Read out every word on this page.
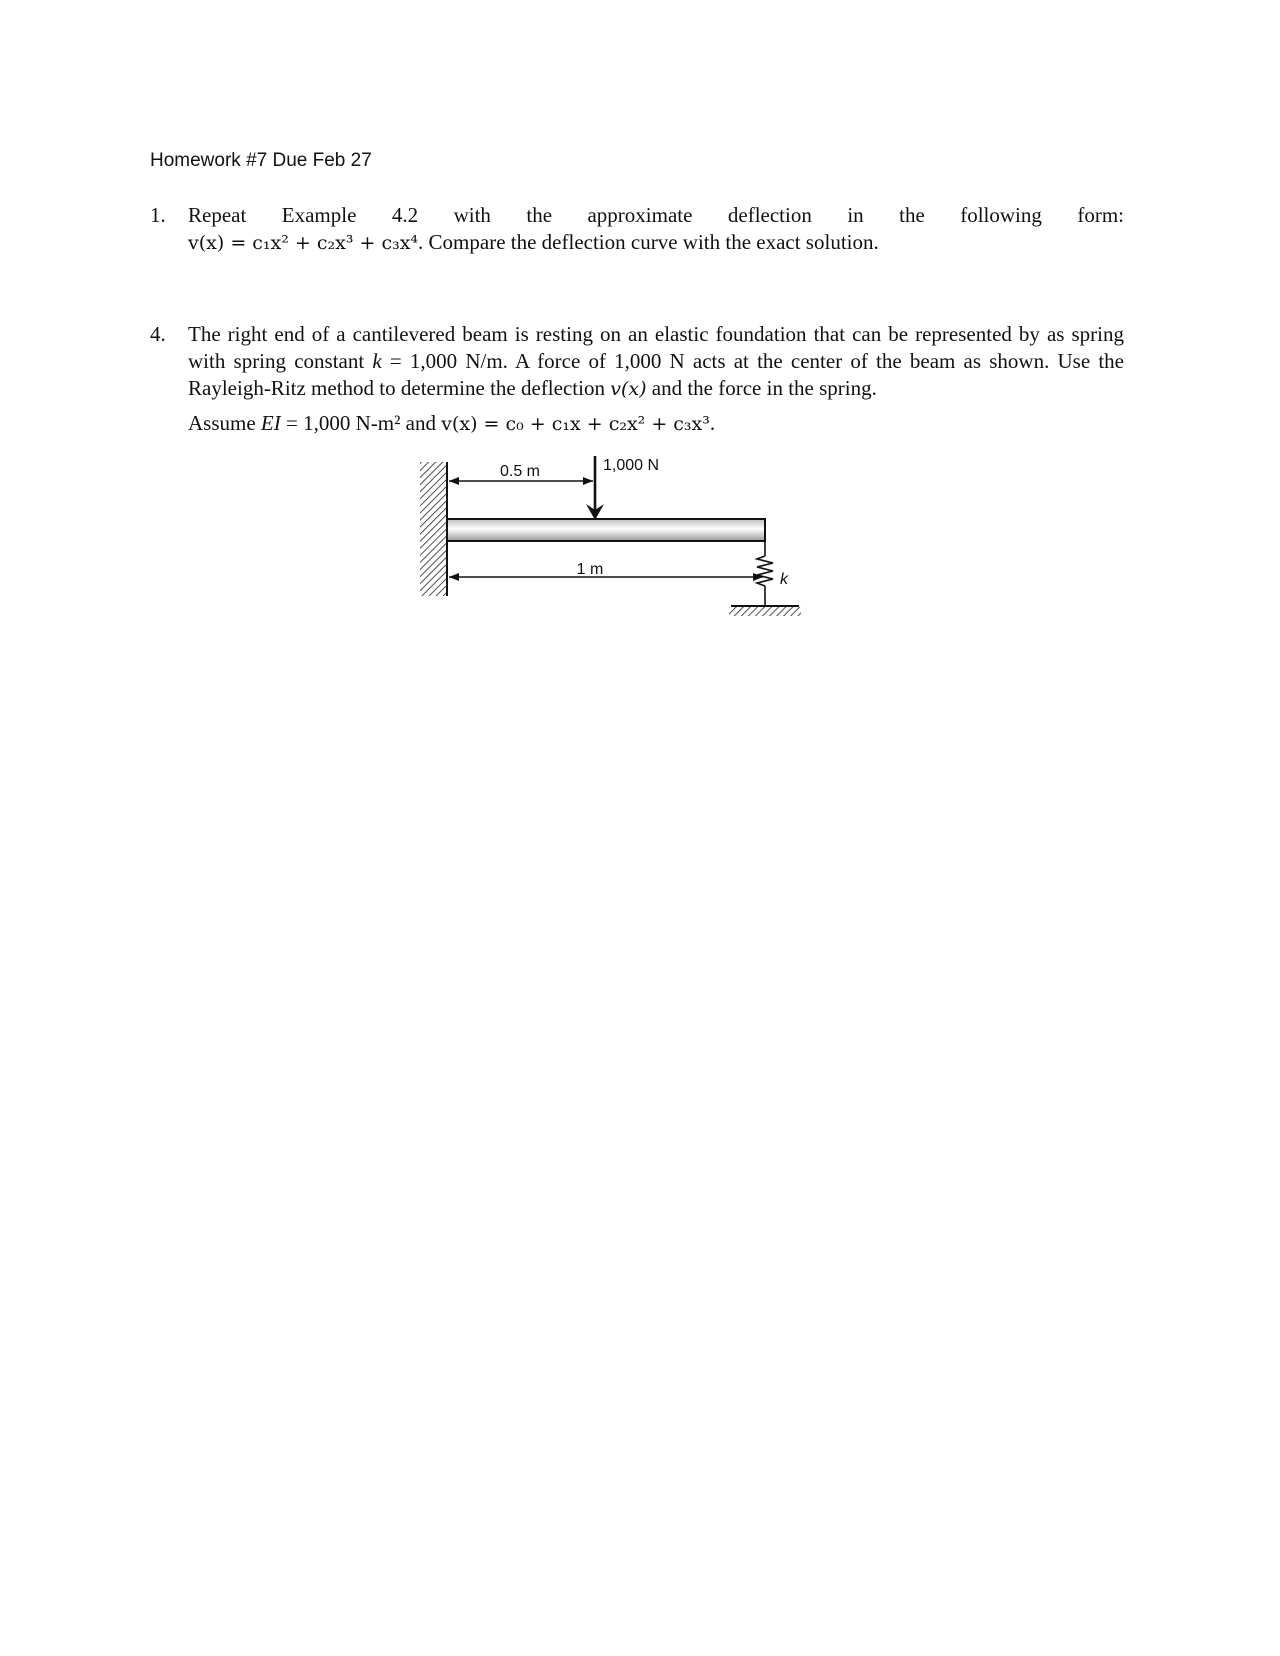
Homework #7 Due Feb 27
1. Repeat Example 4.2 with the approximate deflection in the following form:
v(x) = c₁x² + c₂x³ + c₃x⁴. Compare the deflection curve with the exact solution.
4. The right end of a cantilevered beam is resting on an elastic foundation that can be represented by as spring with spring constant k = 1,000 N/m. A force of 1,000 N acts at the center of the beam as shown. Use the Rayleigh-Ritz method to determine the deflection v(x) and the force in the spring.
Assume EI = 1,000 N-m² and v(x) = c₀ + c₁x + c₂x² + c₃x³.
0.5 m	1,000 N
1 m
k
